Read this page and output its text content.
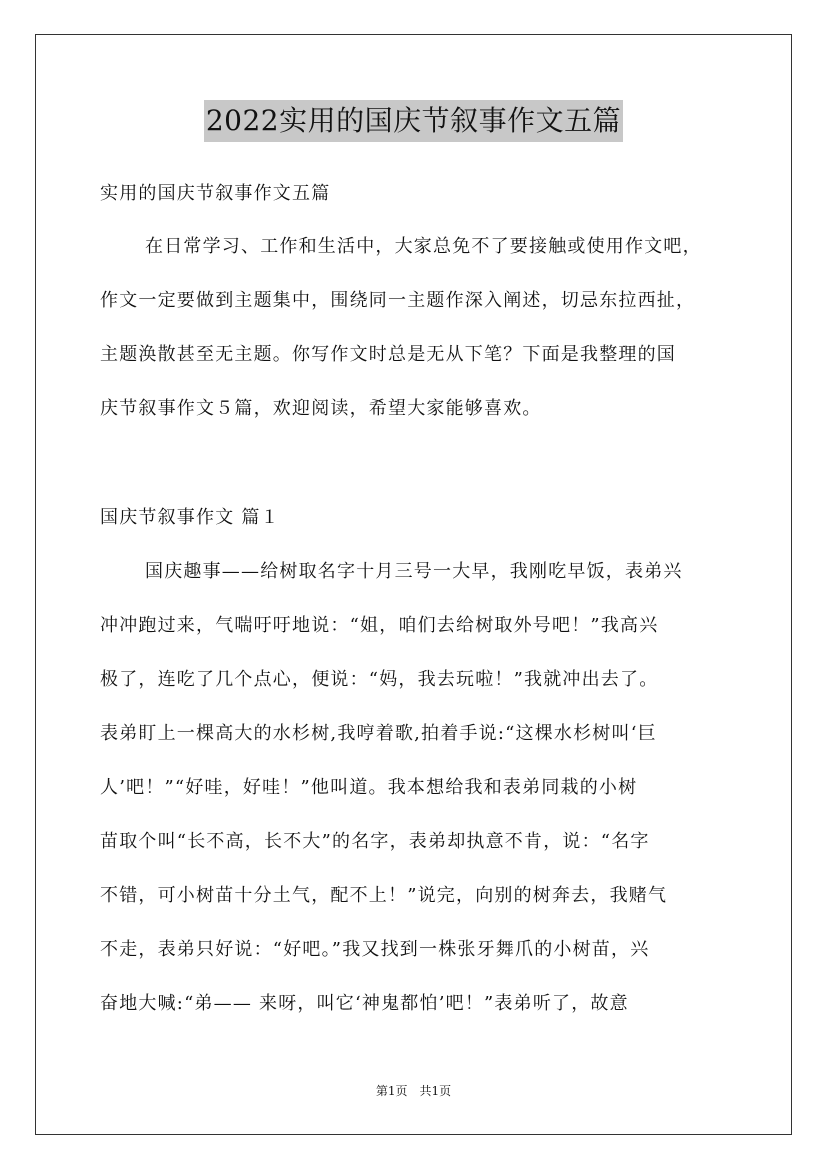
2022实用的国庆节叙事作文五篇
实用的国庆节叙事作文五篇
在日常学习、工作和生活中，大家总免不了要接触或使用作文吧，
作文一定要做到主题集中，围绕同一主题作深入阐述，切忌东拉西扯，
主题涣散甚至无主题。你写作文时总是无从下笔？下面是我整理的国
庆节叙事作文５篇，欢迎阅读，希望大家能够喜欢。
国庆节叙事作文 篇１
国庆趣事——给树取名字十月三号一大早，我刚吃早饭，表弟兴
冲冲跑过来，气喘吁吁地说：“姐，咱们去给树取外号吧！”我高兴
极了，连吃了几个点心，便说：“妈，我去玩啦！”我就冲出去了。
表弟盯上一棵高大的水杉树,我哼着歌,拍着手说:“这棵水杉树叫‘巨
人’吧！”“好哇，好哇！”他叫道。我本想给我和表弟同栽的小树
苗取个叫“长不高，长不大”的名字，表弟却执意不肯，说：“名字
不错，可小树苗十分土气，配不上！”说完，向别的树奔去，我赌气
不走，表弟只好说：“好吧。”我又找到一株张牙舞爪的小树苗，兴
奋地大喊:“弟—— 来呀，叫它‘神鬼都怕’吧！”表弟听了，故意
第1页　共1页
